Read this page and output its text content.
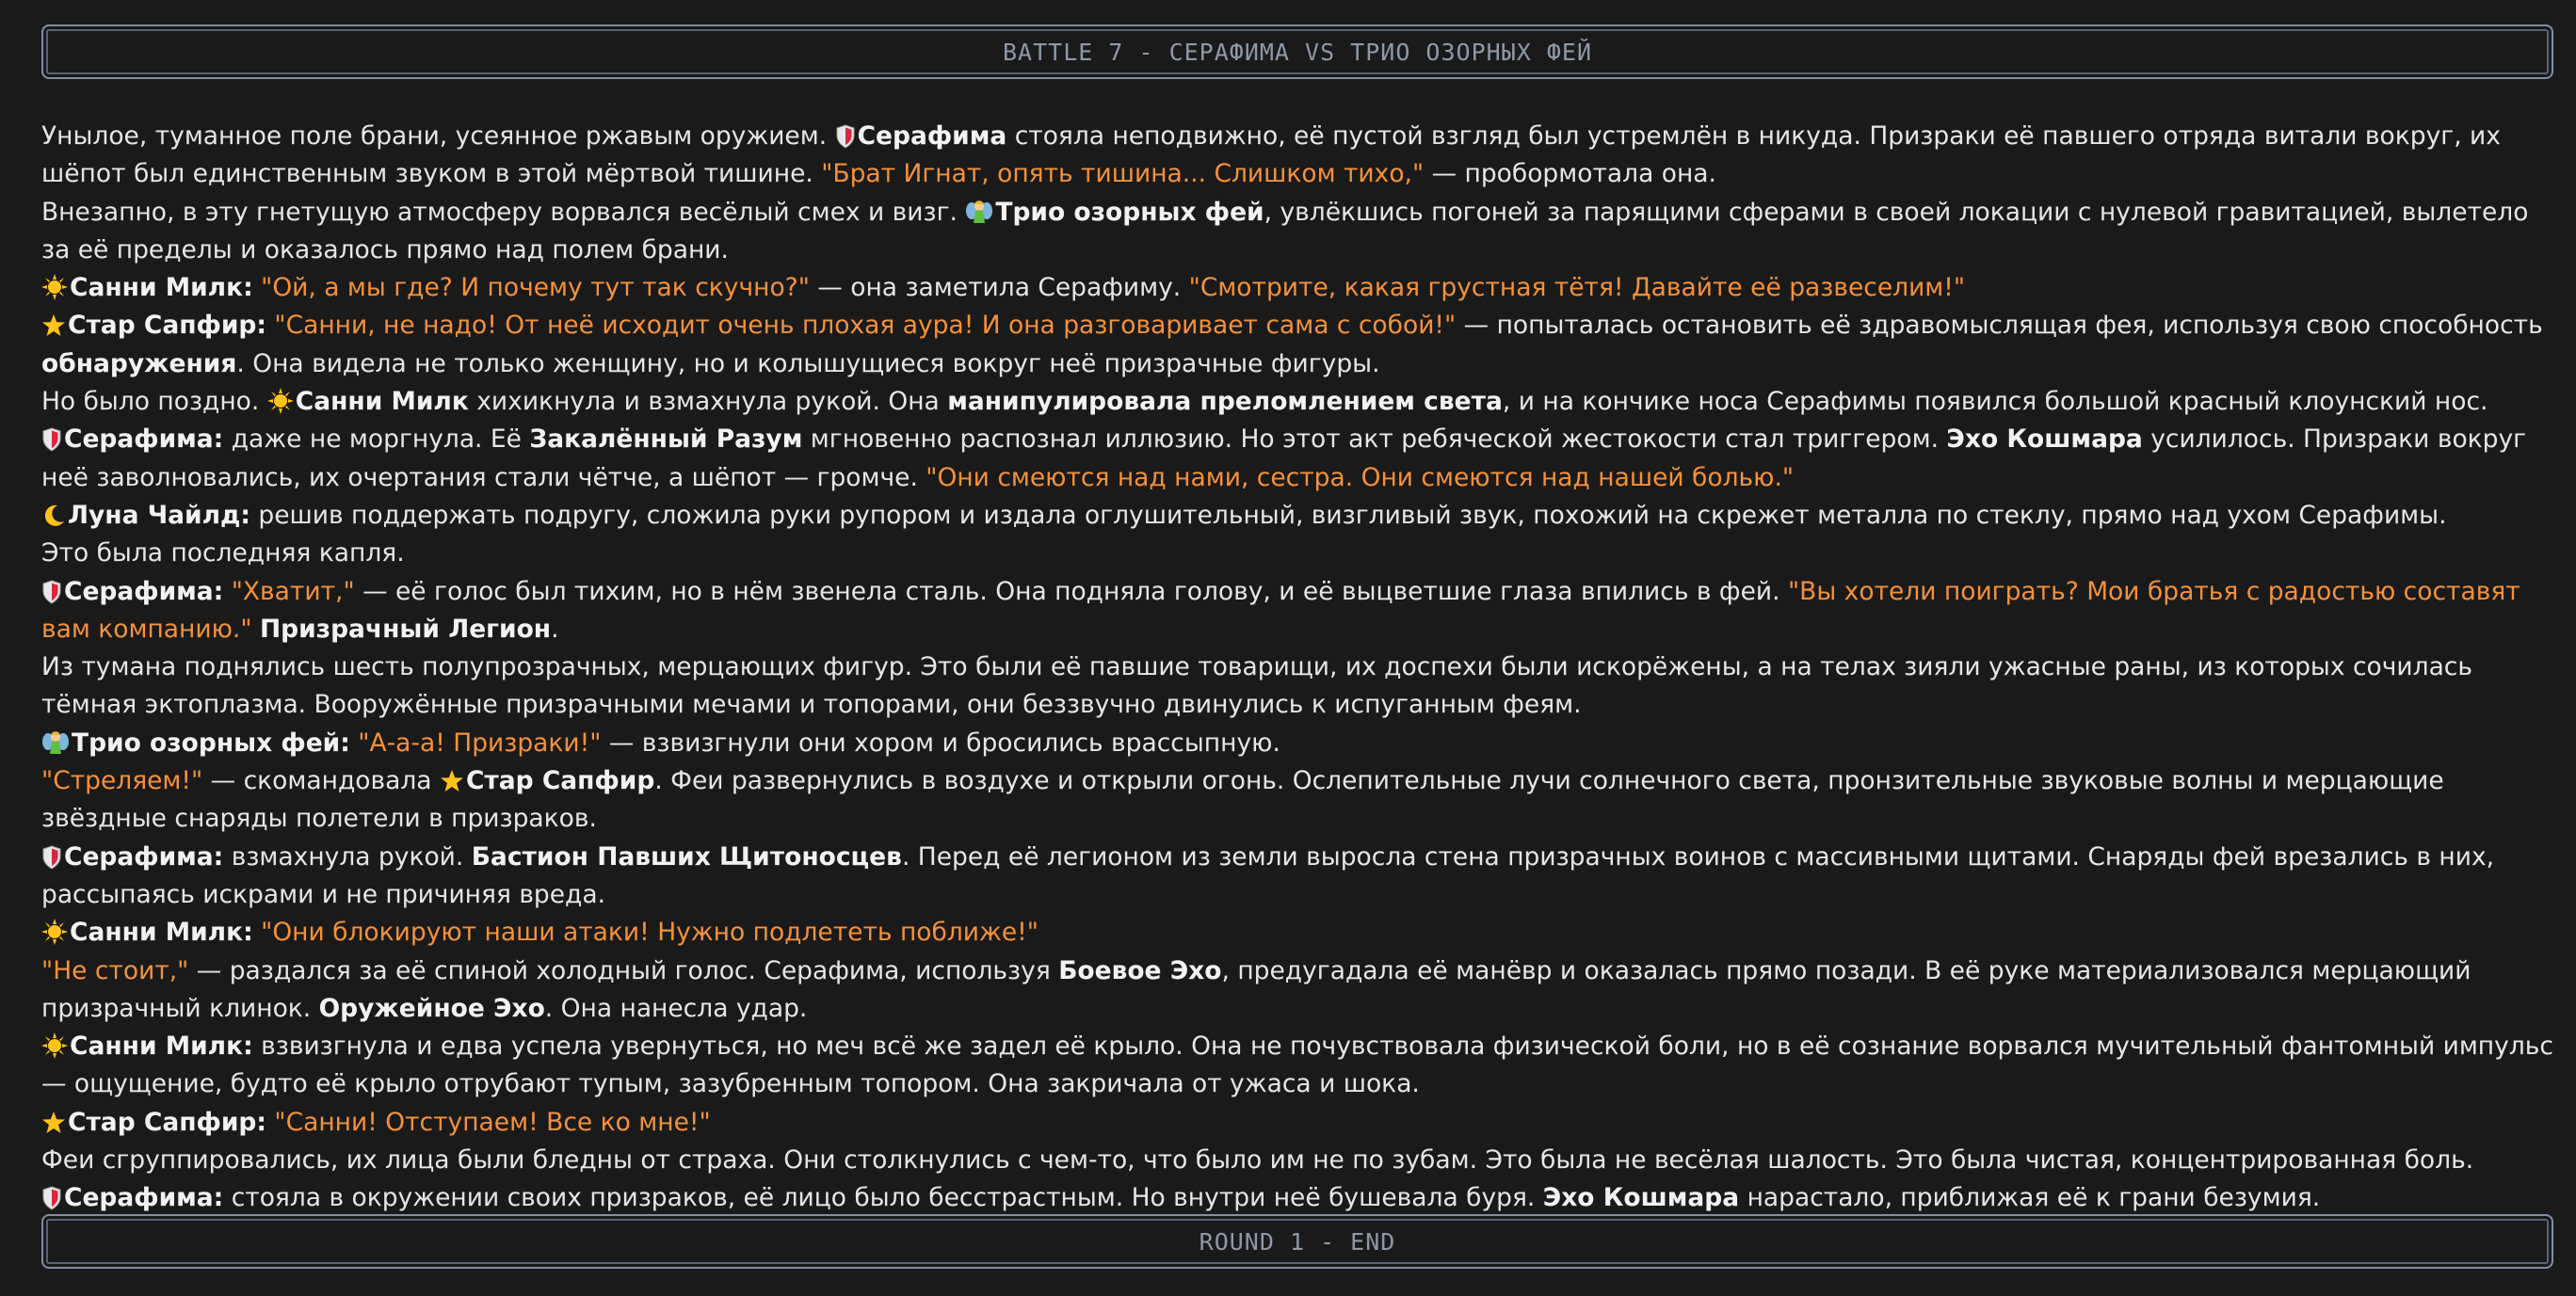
BATTLE 7 - СЕРАФИМА VS ТРИО ОЗОРНЫХ ФЕЙ

Унылое, туманное поле брани, усеянное ржавым оружием. Серафима стояла неподвижно, её пустой взгляд был устремлён в никуда. Призраки её павшего отряда витали вокруг, их шёпот был единственным звуком в этой мёртвой тишине. "Брат Игнат, опять тишина... Слишком тихо," — пробормотала она.

Внезапно, в эту гнетущую атмосферу ворвался весёлый смех и визг. Трио озорных фей, увлёкшись погоней за парящими сферами в своей локации с нулевой гравитацией, вылетело за её пределы и оказалось прямо над полем брани.

Санни Милк: "Ой, а мы где? И почему тут так скучно?" — она заметила Серафиму. "Смотрите, какая грустная тётя! Давайте её развеселим!"

Стар Сапфир: "Санни, не надо! От неё исходит очень плохая аура! И она разговаривает сама с собой!" — попыталась остановить её здравомыслящая фея, используя свою способность обнаружения. Она видела не только женщину, но и колышущиеся вокруг неё призрачные фигуры.

Но было поздно. Санни Милк хихикнула и взмахнула рукой. Она манипулировала преломлением света, и на кончике носа Серафимы появился большой красный клоунский нос.

Серафима: даже не моргнула. Её Закалённый Разум мгновенно распознал иллюзию. Но этот акт ребяческой жестокости стал триггером. Эхо Кошмара усилилось. Призраки вокруг неё заволновались, их очертания стали чётче, а шёпот — громче. "Они смеются над нами, сестра. Они смеются над нашей болью."

Луна Чайлд: решив поддержать подругу, сложила руки рупором и издала оглушительный, визгливый звук, похожий на скрежет металла по стеклу, прямо над ухом Серафимы.

Это была последняя капля.

Серафима: "Хватит," — её голос был тихим, но в нём звенела сталь. Она подняла голову, и её выцветшие глаза впились в фей. "Вы хотели поиграть? Мои братья с радостью составят вам компанию." Призрачный Легион.

Из тумана поднялись шесть полупрозрачных, мерцающих фигур. Это были её павшие товарищи, их доспехи были искорёжены, а на телах зияли ужасные раны, из которых сочилась тёмная эктоплазма. Вооружённые призрачными мечами и топорами, они беззвучно двинулись к испуганным феям.

Трио озорных фей: "А-а-а! Призраки!" — взвизгнули они хором и бросились врассыпную.

"Стреляем!" — скомандовала Стар Сапфир. Феи развернулись в воздухе и открыли огонь. Ослепительные лучи солнечного света, пронзительные звуковые волны и мерцающие звёздные снаряды полетели в призраков.

Серафима: взмахнула рукой. Бастион Павших Щитоносцев. Перед её легионом из земли выросла стена призрачных воинов с массивными щитами. Снаряды фей врезались в них, рассыпаясь искрами и не причиняя вреда.

Санни Милк: "Они блокируют наши атаки! Нужно подлететь поближе!"

"Не стоит," — раздался за её спиной холодный голос. Серафима, используя Боевое Эхо, предугадала её манёвр и оказалась прямо позади. В её руке материализовался мерцающий призрачный клинок. Оружейное Эхо. Она нанесла удар.

Санни Милк: взвизгнула и едва успела увернуться, но меч всё же задел её крыло. Она не почувствовала физической боли, но в её сознание ворвался мучительный фантомный импульс — ощущение, будто её крыло отрубают тупым, зазубренным топором. Она закричала от ужаса и шока.

Стар Сапфир: "Санни! Отступаем! Все ко мне!"

Феи сгруппировались, их лица были бледны от страха. Они столкнулись с чем-то, что было им не по зубам. Это была не весёлая шалость. Это была чистая, концентрированная боль.

Серафима: стояла в окружении своих призраков, её лицо было бесстрастным. Но внутри неё бушевала буря. Эхо Кошмара нарастало, приближая её к грани безумия.

ROUND 1 - END
